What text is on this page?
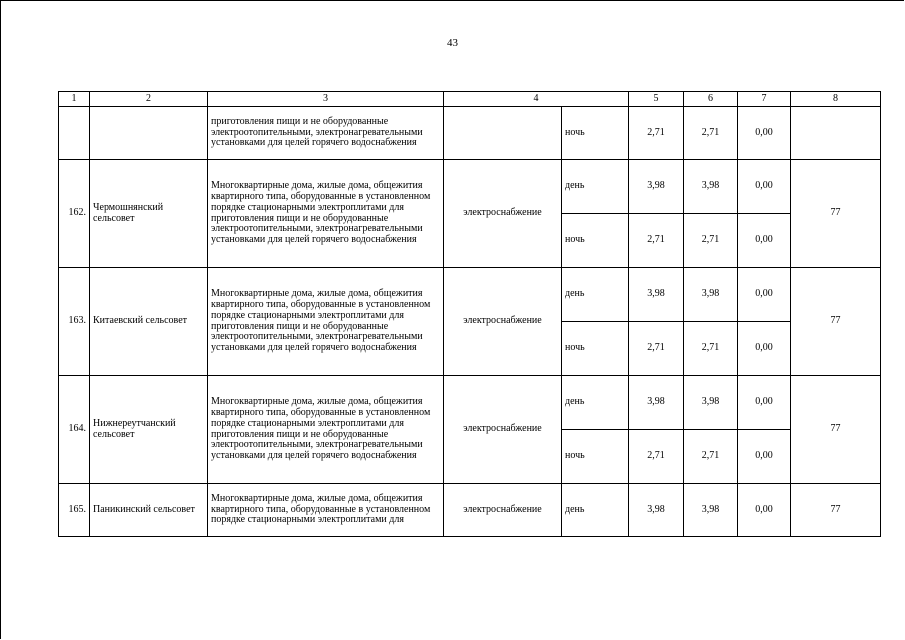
43
1	2	3	4		5	6	7	8
		приготовления пищи и не оборудованные электроотопительными, электронагревательными установками для целей горячего водоснабжения		ночь	2,71	2,71	0,00	
162.	Чермошнянский сельсовет	Многоквартирные дома, жилые дома, общежития квартирного типа, оборудованные в установленном порядке стационарными электроплитами для приготовления пищи и не оборудованные электроотопительными, электронагревательными установками для целей горячего водоснабжения	электроснабжение	день	3,98	3,98	0,00	77
				ночь	2,71	2,71	0,00	
163.	Китаевский сельсовет	Многоквартирные дома, жилые дома, общежития квартирного типа, оборудованные в установленном порядке стационарными электроплитами для приготовления пищи и не оборудованные электроотопительными, электронагревательными установками для целей горячего водоснабжения	электроснабжение	день	3,98	3,98	0,00	77
				ночь	2,71	2,71	0,00	
164.	Нижнереутчанский сельсовет	Многоквартирные дома, жилые дома, общежития квартирного типа, оборудованные в установленном порядке стационарными электроплитами для приготовления пищи и не оборудованные электроотопительными, электронагревательными установками для целей горячего водоснабжения	электроснабжение	день	3,98	3,98	0,00	77
				ночь	2,71	2,71	0,00	
165.	Паникинский сельсовет	Многоквартирные дома, жилые дома, общежития квартирного типа, оборудованные в установленном порядке стационарными электроплитами для	электроснабжение	день	3,98	3,98	0,00	77
